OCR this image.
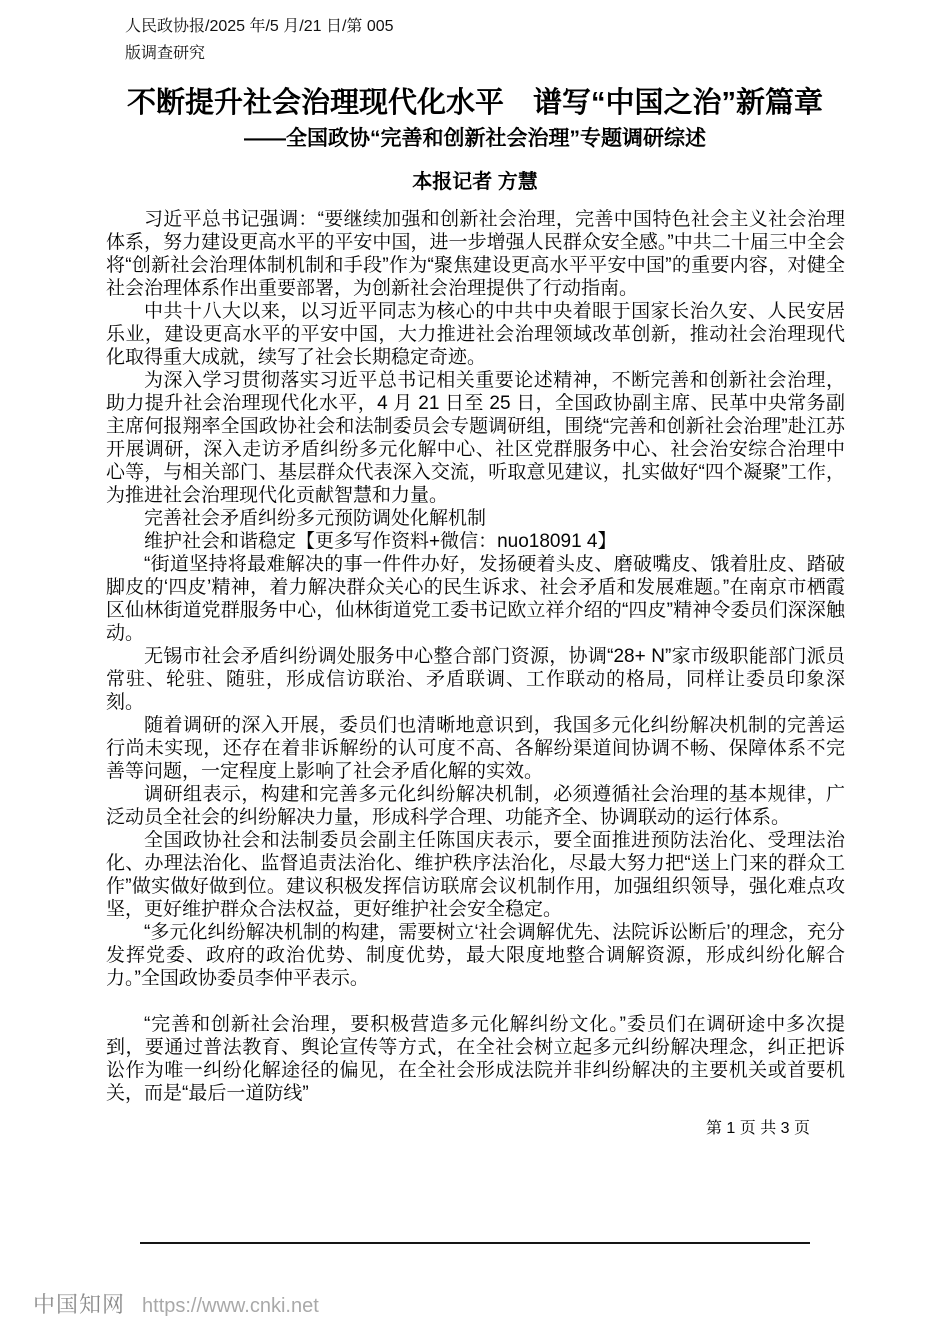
人民政协报/2025 年/5 月/21 日/第 005
版调查研究
不断提升社会治理现代化水平　谱写“中国之治”新篇章
——全国政协“完善和创新社会治理”专题调研综述
本报记者 方慧

习近平总书记强调：“要继续加强和创新社会治理，完善中国特色社会主义社会治理体系，努力建设更高水平的平安中国，进一步增强人民群众安全感。”中共二十届三中全会将“创新社会治理体制机制和手段”作为“聚焦建设更高水平平安中国”的重要内容，对健全社会治理体系作出重要部署，为创新社会治理提供了行动指南。

中共十八大以来，以习近平同志为核心的中共中央着眼于国家长治久安、人民安居乐业，建设更高水平的平安中国，大力推进社会治理领域改革创新，推动社会治理现代化取得重大成就，续写了社会长期稳定奇迹。

为深入学习贯彻落实习近平总书记相关重要论述精神，不断完善和创新社会治理，助力提升社会治理现代化水平，4 月 21 日至 25 日，全国政协副主席、民革中央常务副主席何报翔率全国政协社会和法制委员会专题调研组，围绕“完善和创新社会治理”赴江苏开展调研，深入走访矛盾纠纷多元化解中心、社区党群服务中心、社会治安综合治理中心等，与相关部门、基层群众代表深入交流，听取意见建议，扎实做好“四个凝聚”工作，为推进社会治理现代化贡献智慧和力量。

完善社会矛盾纠纷多元预防调处化解机制

维护社会和谐稳定【更多写作资料+微信：nuo18091 4】

“街道坚持将最难解决的事一件件办好，发扬硬着头皮、磨破嘴皮、饿着肚皮、踏破脚皮的‘四皮’精神，着力解决群众关心的民生诉求、社会矛盾和发展难题。”在南京市栖霞区仙林街道党群服务中心，仙林街道党工委书记欧立祥介绍的“四皮”精神令委员们深深触动。

无锡市社会矛盾纠纷调处服务中心整合部门资源，协调“28+ N”家市级职能部门派员常驻、轮驻、随驻，形成信访联治、矛盾联调、工作联动的格局，同样让委员印象深刻。

随着调研的深入开展，委员们也清晰地意识到，我国多元化纠纷解决机制的完善运行尚未实现，还存在着非诉解纷的认可度不高、各解纷渠道间协调不畅、保障体系不完善等问题，一定程度上影响了社会矛盾化解的实效。

调研组表示，构建和完善多元化纠纷解决机制，必须遵循社会治理的基本规律，广泛动员全社会的纠纷解决力量，形成科学合理、功能齐全、协调联动的运行体系。

全国政协社会和法制委员会副主任陈国庆表示，要全面推进预防法治化、受理法治化、办理法治化、监督追责法治化、维护秩序法治化，尽最大努力把“送上门来的群众工作”做实做好做到位。建议积极发挥信访联席会议机制作用，加强组织领导，强化难点攻坚，更好维护群众合法权益，更好维护社会安全稳定。

“多元化纠纷解决机制的构建，需要树立‘社会调解优先、法院诉讼断后’的理念，充分发挥党委、政府的政治优势、制度优势，最大限度地整合调解资源，形成纠纷化解合力。”全国政协委员李仲平表示。

“完善和创新社会治理，要积极营造多元化解纠纷文化。”委员们在调研途中多次提到，要通过普法教育、舆论宣传等方式，在全社会树立起多元纠纷解决理念，纠正把诉讼作为唯一纠纷化解途径的偏见，在全社会形成法院并非纠纷解决的主要机关或首要机关，而是“最后一道防线”

第 1 页 共 3 页
中国知网 https://www.cnki.net
